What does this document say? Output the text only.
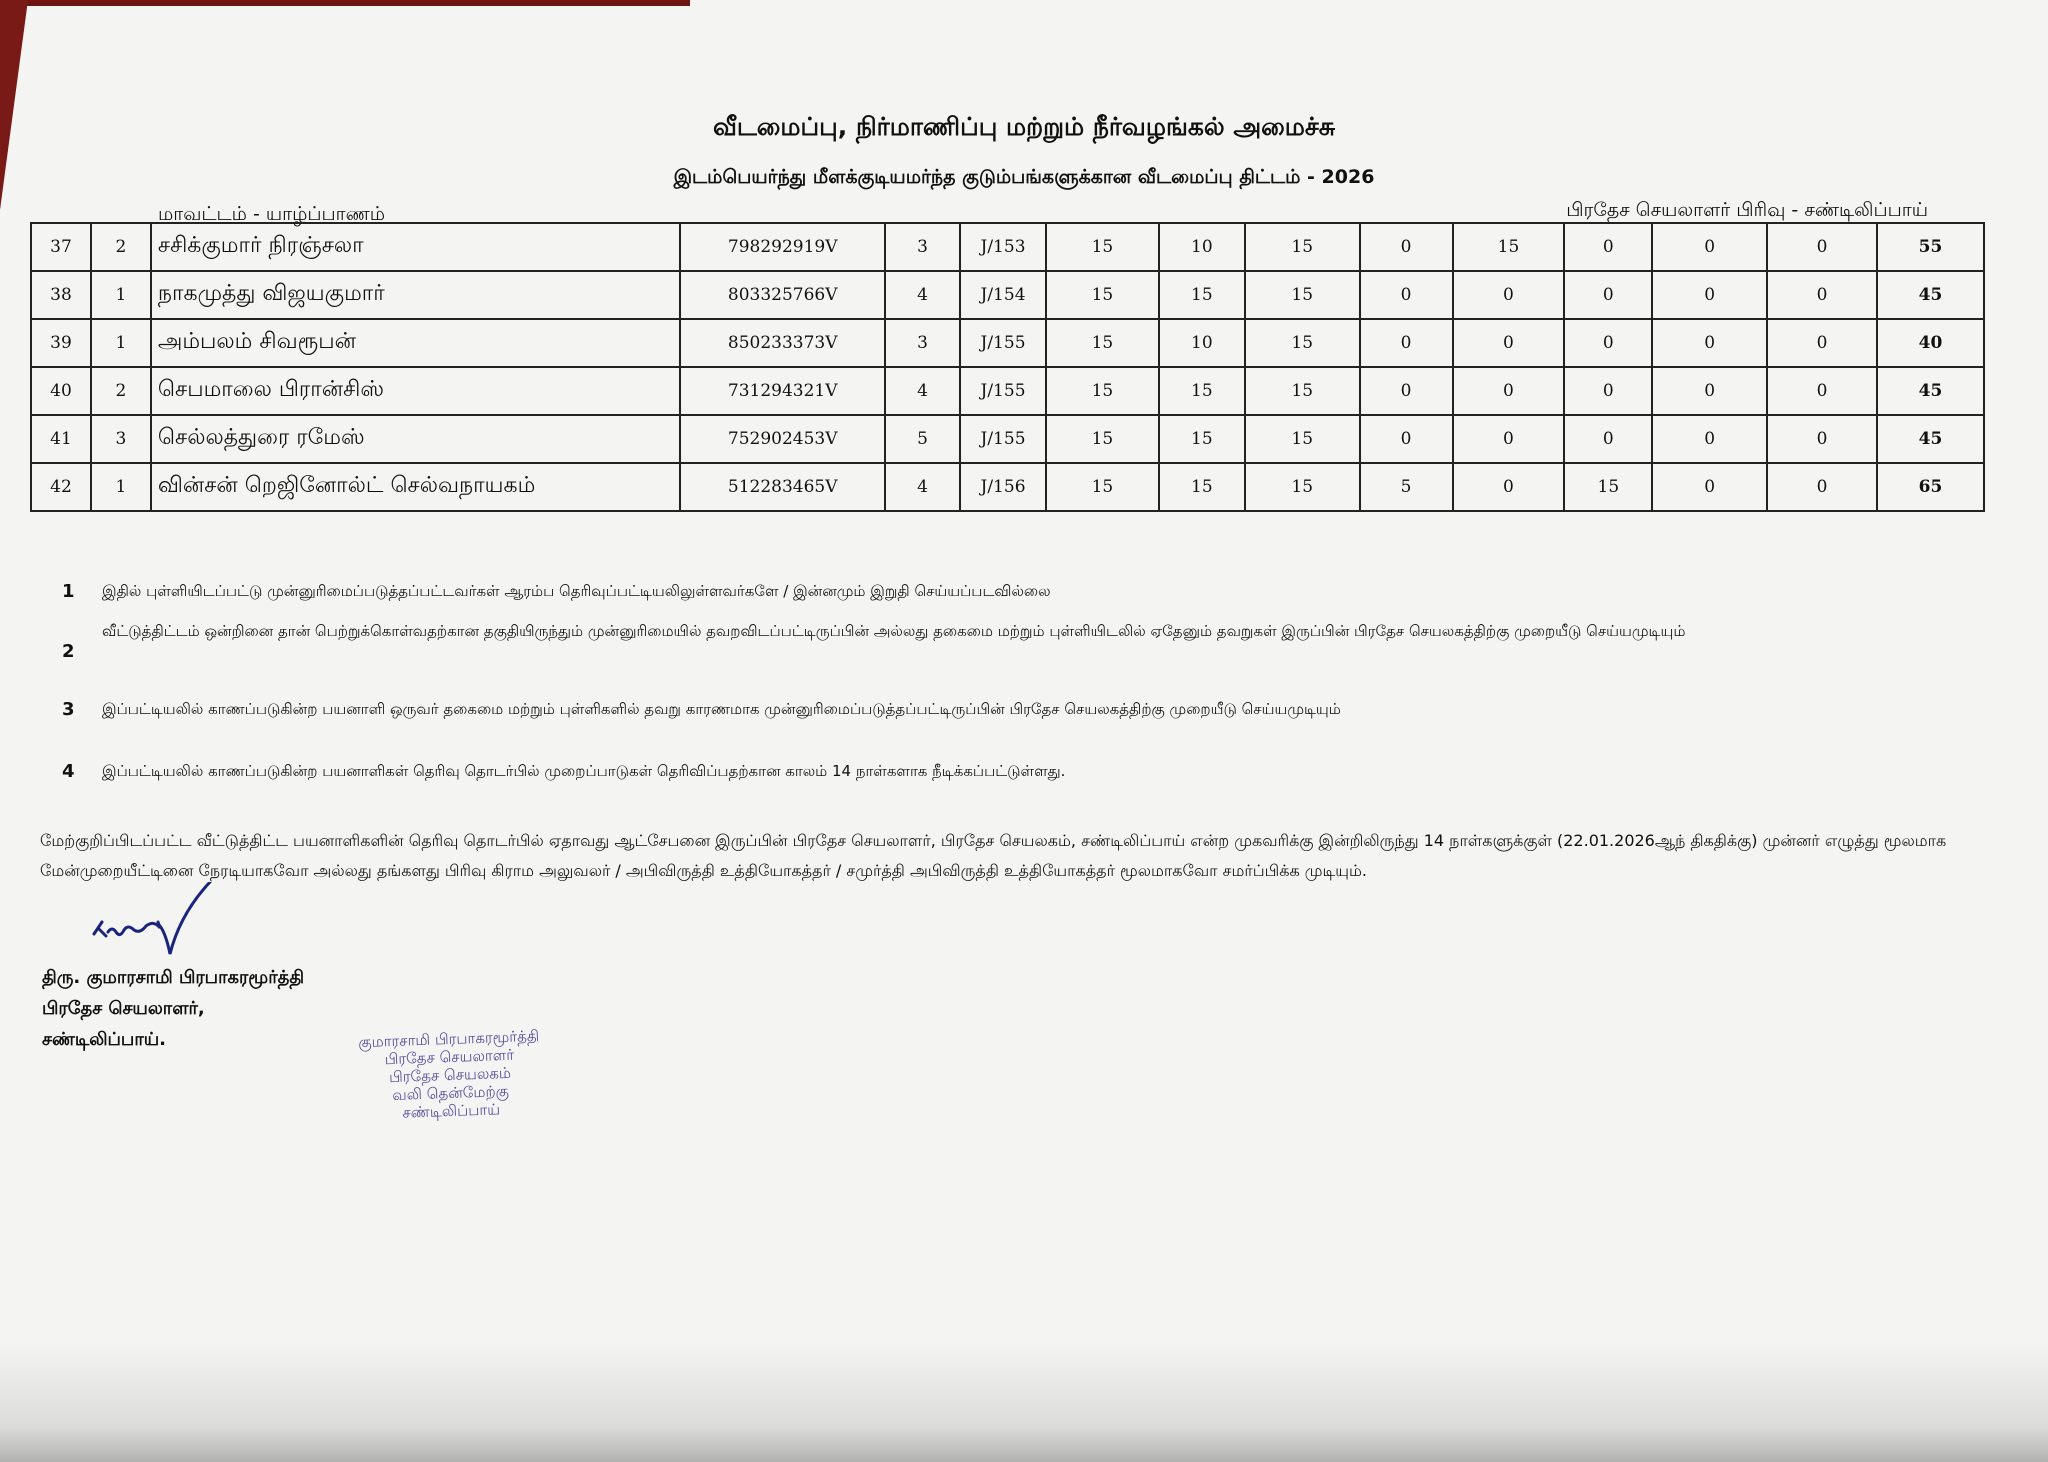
வீடமைப்பு, நிர்மாணிப்பு மற்றும் நீர்வழங்கல் அமைச்சு
இடம்பெயர்ந்து மீளக்குடியமர்ந்த குடும்பங்களுக்கான வீடமைப்பு திட்டம் - 2026
மாவட்டம் - யாழ்ப்பாணம்	பிரதேச செயலாளர் பிரிவு - சண்டிலிப்பாய்
37	2	சசிக்குமார் நிரஞ்சலா	798292919V	3	J/153	15	10	15	0	15	0	0	0	55
38	1	நாகமுத்து விஜயகுமார்	803325766V	4	J/154	15	15	15	0	0	0	0	0	45
39	1	அம்பலம் சிவரூபன்	850233373V	3	J/155	15	10	15	0	0	0	0	0	40
40	2	செபமாலை பிரான்சிஸ்	731294321V	4	J/155	15	15	15	0	0	0	0	0	45
41	3	செல்லத்துரை ரமேஸ்	752902453V	5	J/155	15	15	15	0	0	0	0	0	45
42	1	வின்சன் றெஜினோல்ட் செல்வநாயகம்	512283465V	4	J/156	15	15	15	5	0	15	0	0	65
1 இதில் புள்ளியிடப்பட்டு முன்னுரிமைப்படுத்தப்பட்டவர்கள் ஆரம்ப தெரிவுப்பட்டியலிலுள்ளவர்களே / இன்னமும் இறுதி செய்யப்படவில்லை
2
வீட்டுத்திட்டம் ஒன்றினை தான் பெற்றுக்கொள்வதற்கான தகுதியிருந்தும் முன்னுரிமையில் தவறவிடப்பட்டிருப்பின் அல்லது தகைமை மற்றும் புள்ளியிடலில் ஏதேனும் தவறுகள் இருப்பின் பிரதேச செயலகத்திற்கு முறையீடு செய்யமுடியும்
3 இப்பட்டியலில் காணப்படுகின்ற பயனாளி ஒருவர் தகைமை மற்றும் புள்ளிகளில் தவறு காரணமாக முன்னுரிமைப்படுத்தப்பட்டிருப்பின் பிரதேச செயலகத்திற்கு முறையீடு செய்யமுடியும்
4 இப்பட்டியலில் காணப்படுகின்ற பயனாளிகள் தெரிவு தொடர்பில் முறைப்பாடுகள் தெரிவிப்பதற்கான காலம் 14 நாள்களாக நீடிக்கப்பட்டுள்ளது.
மேற்குறிப்பிடப்பட்ட வீட்டுத்திட்ட பயனாளிகளின் தெரிவு தொடர்பில் ஏதாவது ஆட்சேபனை இருப்பின் பிரதேச செயலாளர், பிரதேச செயலகம், சண்டிலிப்பாய் என்ற முகவரிக்கு இன்றிலிருந்து 14 நாள்களுக்குள் (22.01.2026ஆந் திகதிக்கு) முன்னர் எழுத்து மூலமாக மேன்முறையீட்டினை நேரடியாகவோ அல்லது தங்களது பிரிவு கிராம அலுவலர் / அபிவிருத்தி உத்தியோகத்தர் / சமுர்த்தி அபிவிருத்தி உத்தியோகத்தர் மூலமாகவோ சமர்ப்பிக்க முடியும்.
திரு. குமாரசாமி பிரபாகரமூர்த்தி
பிரதேச செயலாளர்,
சண்டிலிப்பாய்.	குமாரசாமி பிரபாகரமூர்த்தி
பிரதேச செயலாளர்
பிரதேச செயலகம்
வலி தென்மேற்கு
சண்டிலிப்பாய்
